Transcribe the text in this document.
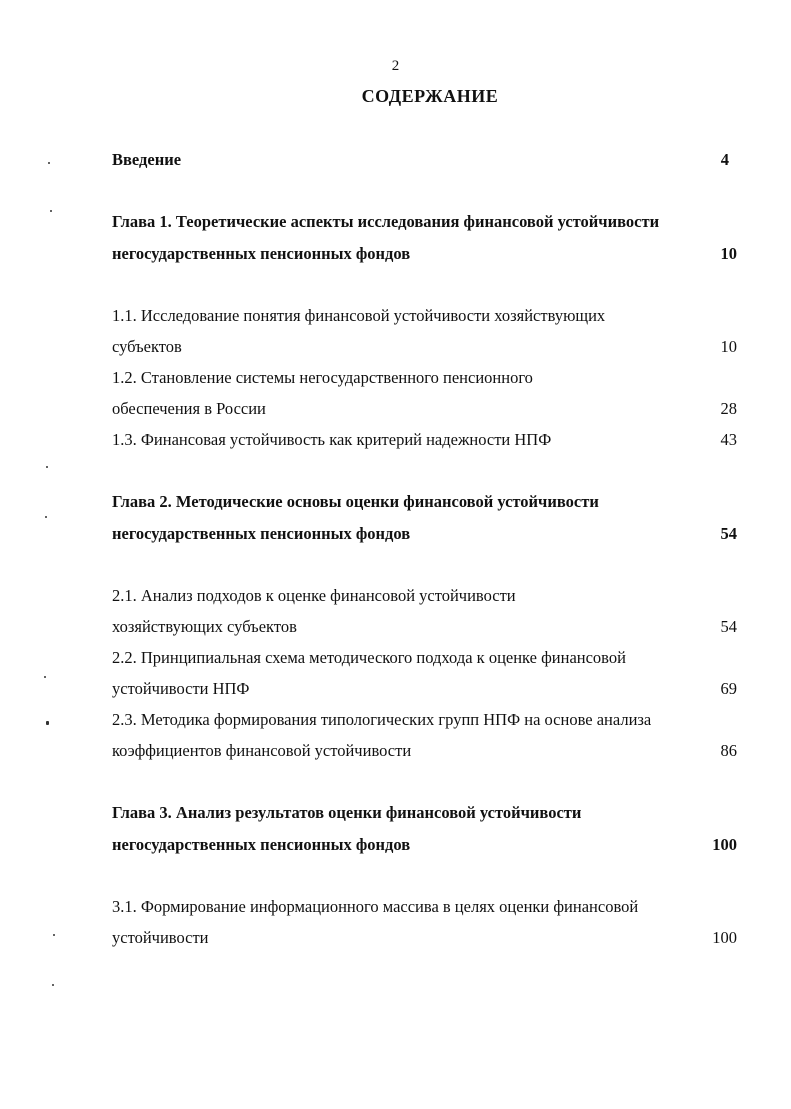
2
СОДЕРЖАНИЕ
Введение	4
Глава 1. Теоретические аспекты исследования финансовой устойчивости
негосударственных пенсионных фондов	10
1.1. Исследование понятия финансовой устойчивости хозяйствующих
субъектов	10
1.2. Становление системы негосударственного пенсионного
обеспечения в России	28
1.3. Финансовая устойчивость как критерий надежности НПФ	43
Глава 2. Методические основы оценки финансовой устойчивости
негосударственных пенсионных фондов	54
2.1. Анализ подходов к оценке финансовой устойчивости
хозяйствующих субъектов	54
2.2. Принципиальная схема методического подхода к оценке финансовой
устойчивости НПФ	69
2.3. Методика формирования типологических групп НПФ на основе анализа
коэффициентов финансовой устойчивости	86
Глава 3. Анализ результатов оценки финансовой устойчивости
негосударственных пенсионных фондов	100
3.1. Формирование информационного массива в целях оценки финансовой
устойчивости	100
